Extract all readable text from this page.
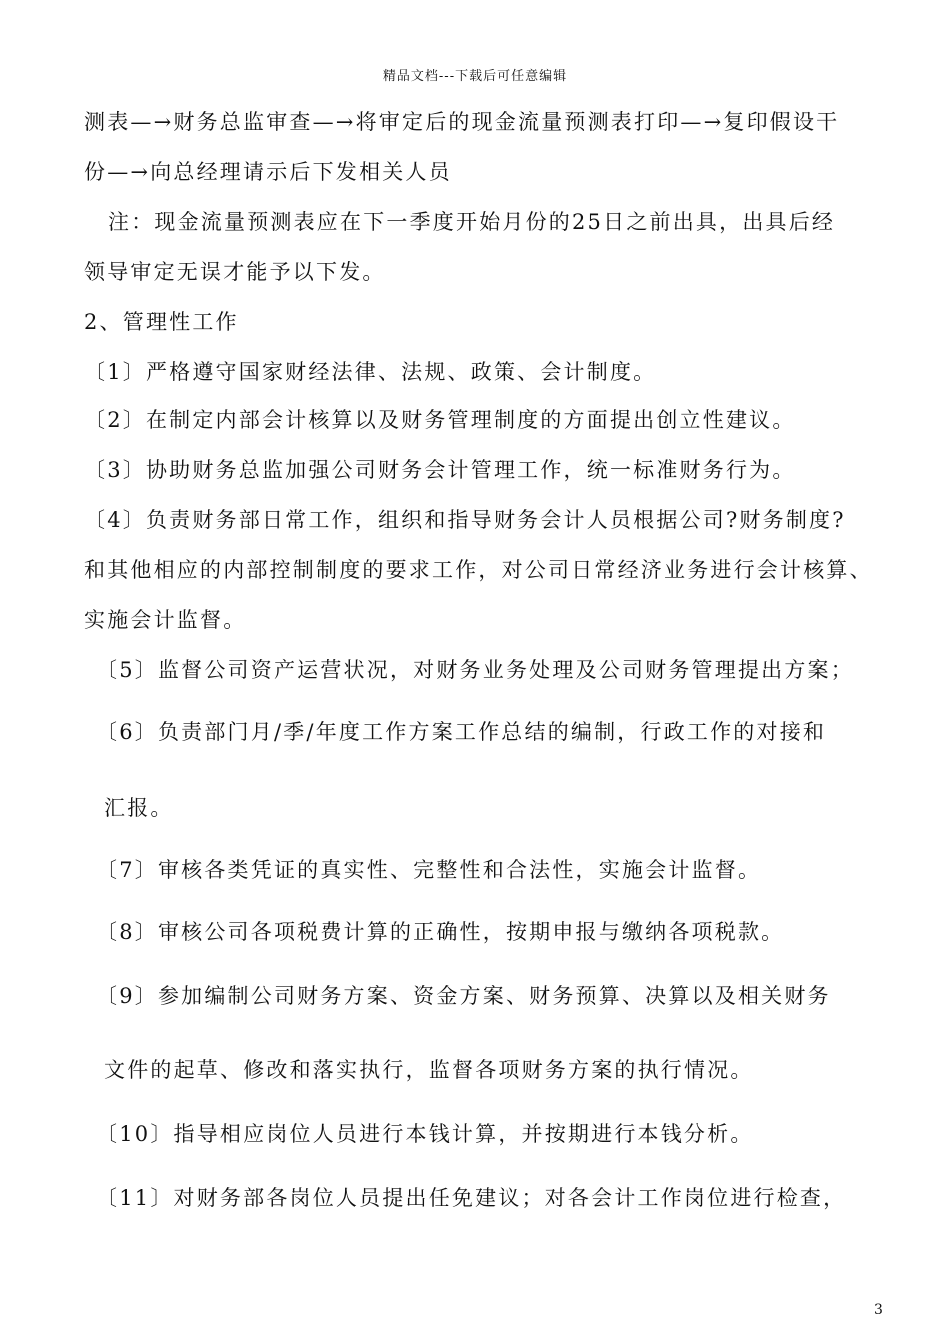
精品文档---下载后可任意编辑
测表—→财务总监审查—→将审定后的现金流量预测表打印—→复印假设干
份—→向总经理请示后下发相关人员
注：现金流量预测表应在下一季度开始月份的25日之前出具，出具后经
领导审定无误才能予以下发。
2、管理性工作
〔1〕严格遵守国家财经法律、法规、政策、会计制度。
〔2〕在制定内部会计核算以及财务管理制度的方面提出创立性建议。
〔3〕协助财务总监加强公司财务会计管理工作，统一标准财务行为。
〔4〕负责财务部日常工作，组织和指导财务会计人员根据公司?财务制度?
和其他相应的内部控制制度的要求工作，对公司日常经济业务进行会计核算、
实施会计监督。
〔5〕监督公司资产运营状况，对财务业务处理及公司财务管理提出方案；
〔6〕负责部门月/季/年度工作方案工作总结的编制，行政工作的对接和
汇报。
〔7〕审核各类凭证的真实性、完整性和合法性，实施会计监督。
〔8〕审核公司各项税费计算的正确性，按期申报与缴纳各项税款。
〔9〕参加编制公司财务方案、资金方案、财务预算、决算以及相关财务
文件的起草、修改和落实执行，监督各项财务方案的执行情况。
〔10〕指导相应岗位人员进行本钱计算，并按期进行本钱分析。
〔11〕对财务部各岗位人员提出任免建议；对各会计工作岗位进行检查，
3
